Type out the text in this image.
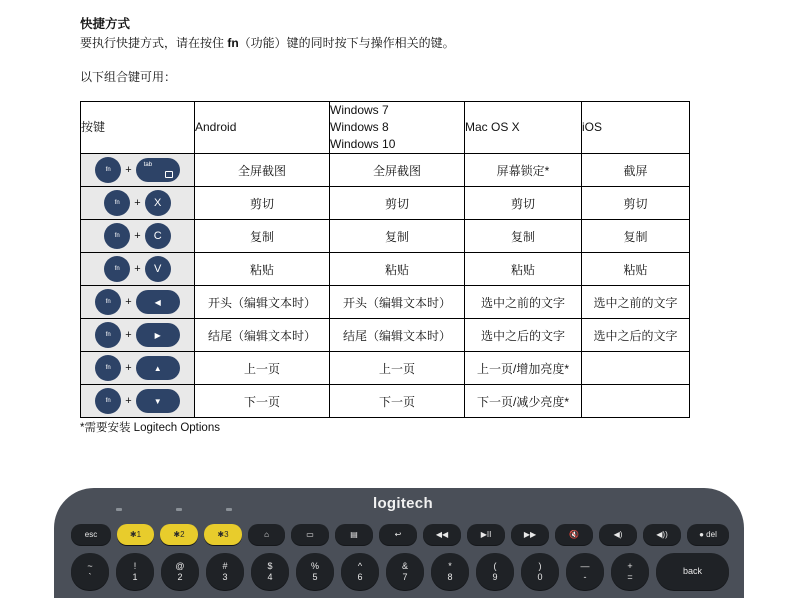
快捷方式
要执行快捷方式，请在按住 fn（功能）键的同时按下与操作相关的键。
以下组合键可用：
按键	Android	Windows 7
Windows 8
Windows 10	Mac OS X	iOS

fn + tab	全屏截图	全屏截图	屏幕锁定*	截屏

fn + X	剪切	剪切	剪切	剪切

fn + C	复制	复制	复制	复制

fn + V	粘贴	粘贴	粘贴	粘贴

fn + ◀	开头（编辑文本时）	开头（编辑文本时）	选中之前的文字	选中之前的文字

fn + ▶	结尾（编辑文本时）	结尾（编辑文本时）	选中之后的文字	选中之后的文字

fn + ▲	上一页	上一页	上一页/增加亮度*	

fn + ▼	下一页	下一页	下一页/减少亮度*	
*需要安装 Logitech Options
logitech
esc	✱1	✱2	✱3	⌂	▭	▤	↩	◀◀	▶II	▶▶	🔇	◀)	◀))	● del
~
`
!
1
@
2
#
3
$
4
%
5
^
6
&
7
*
8
(
9
)
0
—
-
+
=
back
